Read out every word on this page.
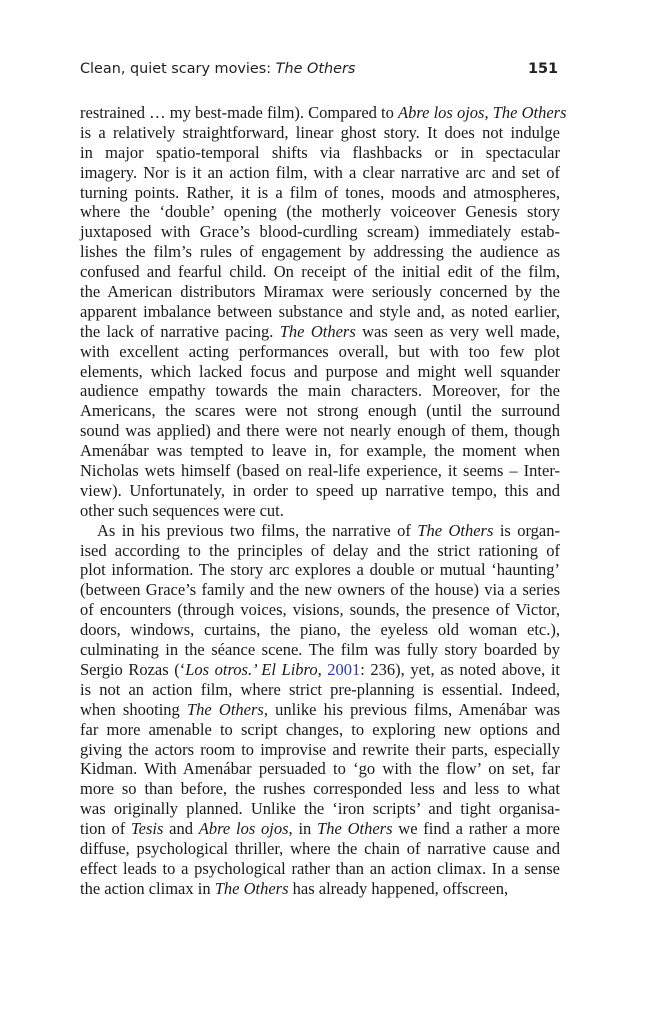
Clean, quiet scary movies: The Others	151
restrained … my best-made film). Compared to Abre los ojos, The Others
is a relatively straightforward, linear ghost story. It does not indulge
in major spatio-temporal shifts via flashbacks or in spectacular
imagery. Nor is it an action film, with a clear narrative arc and set of
turning points. Rather, it is a film of tones, moods and atmospheres,
where the ‘double’ opening (the motherly voiceover Genesis story
juxtaposed with Grace’s blood-curdling scream) immediately estab-
lishes the film’s rules of engagement by addressing the audience as
confused and fearful child. On receipt of the initial edit of the film,
the American distributors Miramax were seriously concerned by the
apparent imbalance between substance and style and, as noted earlier,
the lack of narrative pacing. The Others was seen as very well made,
with excellent acting performances overall, but with too few plot
elements, which lacked focus and purpose and might well squander
audience empathy towards the main characters. Moreover, for the
Americans, the scares were not strong enough (until the surround
sound was applied) and there were not nearly enough of them, though
Amenábar was tempted to leave in, for example, the moment when
Nicholas wets himself (based on real-life experience, it seems – Inter-
view). Unfortunately, in order to speed up narrative tempo, this and
other such sequences were cut.
As in his previous two films, the narrative of The Others is organ-
ised according to the principles of delay and the strict rationing of
plot information. The story arc explores a double or mutual ‘haunting’
(between Grace’s family and the new owners of the house) via a series
of encounters (through voices, visions, sounds, the presence of Victor,
doors, windows, curtains, the piano, the eyeless old woman etc.),
culminating in the séance scene. The film was fully story boarded by
Sergio Rozas (‘Los otros.’ El Libro, 2001: 236), yet, as noted above, it
is not an action film, where strict pre-planning is essential. Indeed,
when shooting The Others, unlike his previous films, Amenábar was
far more amenable to script changes, to exploring new options and
giving the actors room to improvise and rewrite their parts, especially
Kidman. With Amenábar persuaded to ‘go with the flow’ on set, far
more so than before, the rushes corresponded less and less to what
was originally planned. Unlike the ‘iron scripts’ and tight organisa-
tion of Tesis and Abre los ojos, in The Others we find a rather a more
diffuse, psychological thriller, where the chain of narrative cause and
effect leads to a psychological rather than an action climax. In a sense
the action climax in The Others has already happened, offscreen,
